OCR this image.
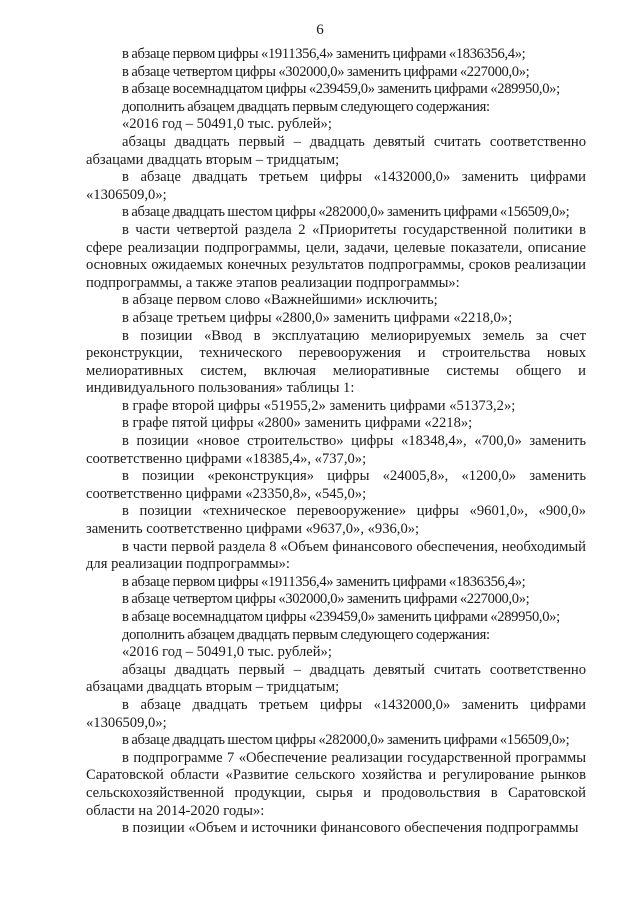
6

в абзаце первом цифры «1911356,4» заменить цифрами «1836356,4»;

в абзаце четвертом цифры «302000,0» заменить цифрами «227000,0»;

в абзаце восемнадцатом цифры «239459,0» заменить цифрами «289950,0»;

дополнить абзацем двадцать первым следующего содержания:

«2016 год – 50491,0 тыс. рублей»;

абзацы двадцать первый – двадцать девятый считать соответственно абзацами двадцать вторым – тридцатым;

в абзаце двадцать третьем цифры «1432000,0» заменить цифрами «1306509,0»;

в абзаце двадцать шестом цифры «282000,0» заменить цифрами «156509,0»;

в части четвертой раздела 2 «Приоритеты государственной политики в сфере реализации подпрограммы, цели, задачи, целевые показатели, описание основных ожидаемых конечных результатов подпрограммы, сроков реализации подпрограммы, а также этапов реализации подпрограммы»:

в абзаце первом слово «Важнейшими» исключить;

в абзаце третьем цифры «2800,0» заменить цифрами «2218,0»;

в позиции «Ввод в эксплуатацию мелиорируемых земель за счет реконструкции, технического перевооружения и строительства новых мелиоративных систем, включая мелиоративные системы общего и индивидуального пользования» таблицы 1:

в графе второй цифры «51955,2» заменить цифрами «51373,2»;

в графе пятой цифры «2800» заменить цифрами «2218»;

в позиции «новое строительство» цифры «18348,4», «700,0» заменить соответственно цифрами «18385,4», «737,0»;

в позиции «реконструкция» цифры «24005,8», «1200,0» заменить соответственно цифрами «23350,8», «545,0»;

в позиции «техническое перевооружение» цифры «9601,0», «900,0» заменить соответственно цифрами «9637,0», «936,0»;

в части первой раздела 8 «Объем финансового обеспечения, необходимый для реализации подпрограммы»:

в абзаце первом цифры «1911356,4» заменить цифрами «1836356,4»;

в абзаце четвертом цифры «302000,0» заменить цифрами «227000,0»;

в абзаце восемнадцатом цифры «239459,0» заменить цифрами «289950,0»;

дополнить абзацем двадцать первым следующего содержания:

«2016 год – 50491,0 тыс. рублей»;

абзацы двадцать первый – двадцать девятый считать соответственно абзацами двадцать вторым – тридцатым;

в абзаце двадцать третьем цифры «1432000,0» заменить цифрами «1306509,0»;

в абзаце двадцать шестом цифры «282000,0» заменить цифрами «156509,0»;

в подпрограмме 7 «Обеспечение реализации государственной программы Саратовской области «Развитие сельского хозяйства и регулирование рынков сельскохозяйственной продукции, сырья и продовольствия в Саратовской области на 2014-2020 годы»:

в позиции «Объем и источники финансового обеспечения подпрограммы
